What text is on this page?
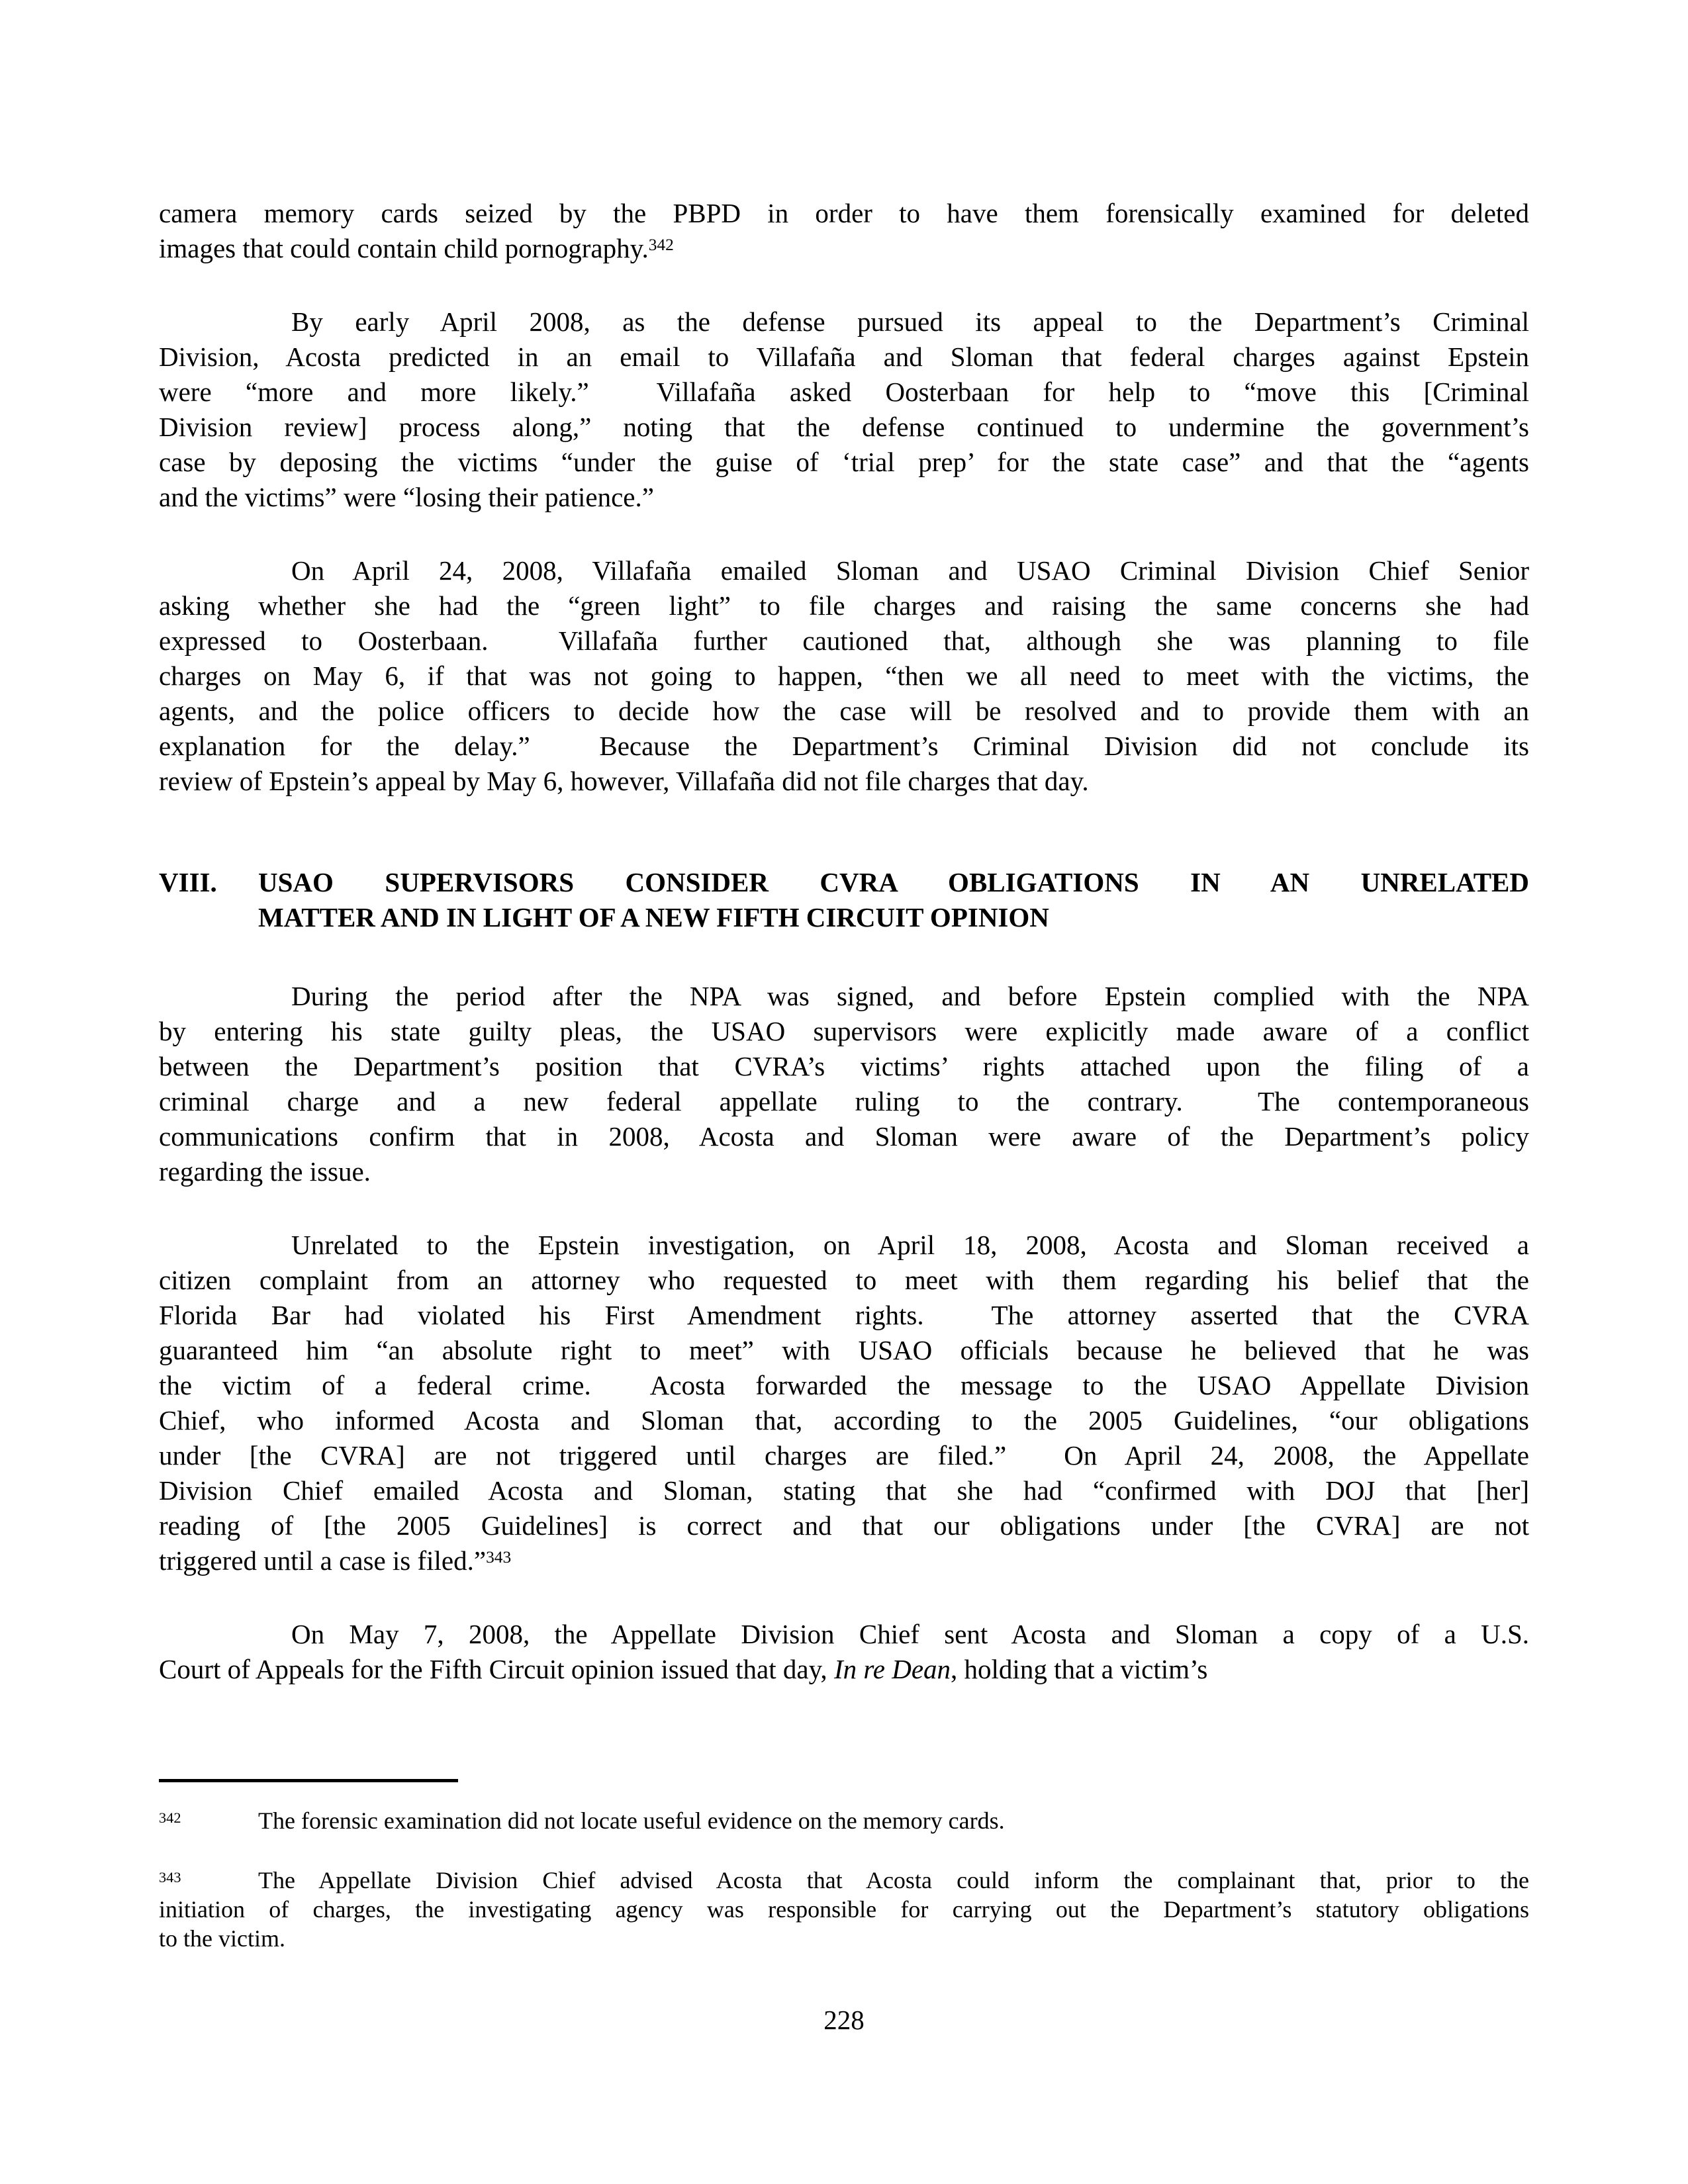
camera memory cards seized by the PBPD in order to have them forensically examined for deleted
images that could contain child pornography.$^{342}$
By early April 2008, as the defense pursued its appeal to the Department’s Criminal
Division, Acosta predicted in an email to Villafaña and Sloman that federal charges against Epstein
were “more and more likely.”  Villafaña asked Oosterbaan for help to “move this [Criminal
Division review] process along,” noting that the defense continued to undermine the government’s
case by deposing the victims “under the guise of ‘trial prep’ for the state case” and that the “agents
and the victims” were “losing their patience.”
On April 24, 2008, Villafaña emailed Sloman and USAO Criminal Division Chief Senior
asking whether she had the “green light” to file charges and raising the same concerns she had
expressed to Oosterbaan.  Villafaña further cautioned that, although she was planning to file
charges on May 6, if that was not going to happen, “then we all need to meet with the victims, the
agents, and the police officers to decide how the case will be resolved and to provide them with an
explanation for the delay.”  Because the Department’s Criminal Division did not conclude its
review of Epstein’s appeal by May 6, however, Villafaña did not file charges that day.
VIII.	USAO SUPERVISORS CONSIDER CVRA OBLIGATIONS IN AN UNRELATED
MATTER AND IN LIGHT OF A NEW FIFTH CIRCUIT OPINION
During the period after the NPA was signed, and before Epstein complied with the NPA
by entering his state guilty pleas, the USAO supervisors were explicitly made aware of a conflict
between the Department’s position that CVRA’s victims’ rights attached upon the filing of a
criminal charge and a new federal appellate ruling to the contrary.  The contemporaneous
communications confirm that in 2008, Acosta and Sloman were aware of the Department’s policy
regarding the issue.
Unrelated to the Epstein investigation, on April 18, 2008, Acosta and Sloman received a
citizen complaint from an attorney who requested to meet with them regarding his belief that the
Florida Bar had violated his First Amendment rights.  The attorney asserted that the CVRA
guaranteed him “an absolute right to meet” with USAO officials because he believed that he was
the victim of a federal crime.  Acosta forwarded the message to the USAO Appellate Division
Chief, who informed Acosta and Sloman that, according to the 2005 Guidelines, “our obligations
under [the CVRA] are not triggered until charges are filed.”  On April 24, 2008, the Appellate
Division Chief emailed Acosta and Sloman, stating that she had “confirmed with DOJ that [her]
reading of [the 2005 Guidelines] is correct and that our obligations under [the CVRA] are not
triggered until a case is filed.”$^{343}$
On May 7, 2008, the Appellate Division Chief sent Acosta and Sloman a copy of a U.S.
Court of Appeals for the Fifth Circuit opinion issued that day, In re Dean, holding that a victim’s
$^{342}$	The forensic examination did not locate useful evidence on the memory cards.
$^{343}$	The Appellate Division Chief advised Acosta that Acosta could inform the complainant that, prior to the
initiation of charges, the investigating agency was responsible for carrying out the Department’s statutory obligations
to the victim.
228
